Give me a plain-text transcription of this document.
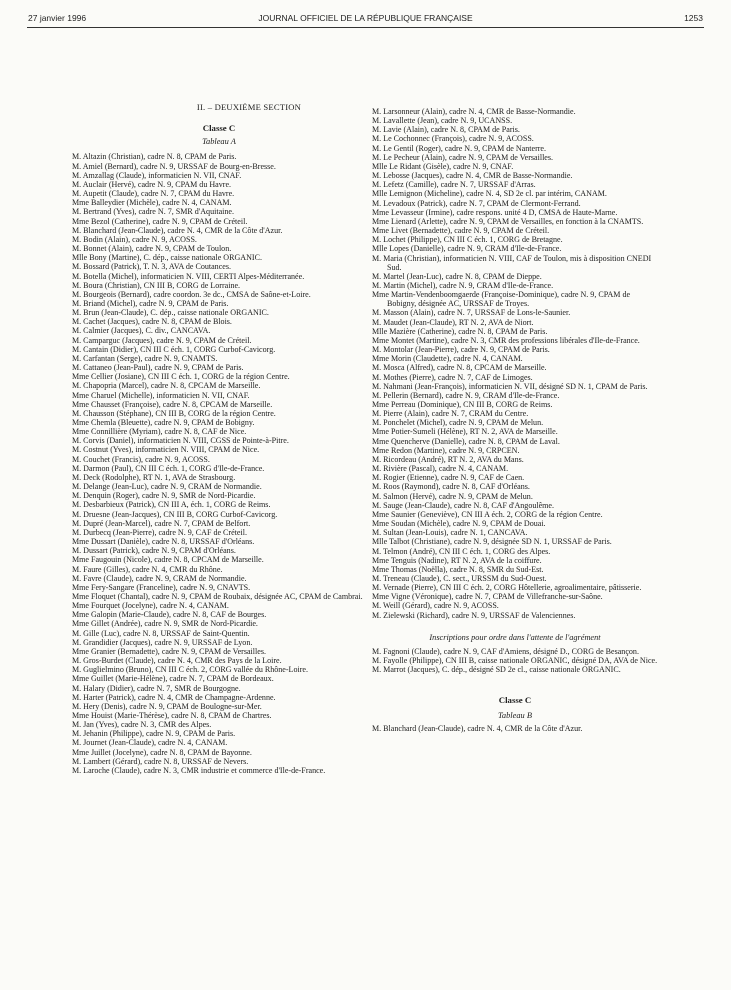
27 janvier 1996	JOURNAL OFFICIEL DE LA RÉPUBLIQUE FRANÇAISE	1253
II. – DEUXIÈME SECTION
Classe C
Tableau A
M. Altazin (Christian), cadre N. 8, CPAM de Paris.
M. Amiel (Bernard), cadre N. 9, URSSAF de Bourg-en-Bresse.
M. Amzallag (Claude), informaticien N. VII, CNAF.
M. Auclair (Hervé), cadre N. 9, CPAM du Havre.
M. Aupetit (Claude), cadre N. 7, CPAM du Havre.
Mme Balleydier (Michèle), cadre N. 4, CANAM.
M. Bertrand (Yves), cadre N. 7, SMR d'Aquitaine.
Mme Bezol (Catherine), cadre N. 9, CPAM de Créteil.
M. Blanchard (Jean-Claude), cadre N. 4, CMR de la Côte d'Azur.
M. Bodin (Alain), cadre N. 9, ACOSS.
M. Bonnet (Alain), cadre N. 9, CPAM de Toulon.
Mlle Bony (Martine), C. dép., caisse nationale ORGANIC.
M. Bossard (Patrick), T. N. 3, AVA de Coutances.
M. Botella (Michel), informaticien N. VIII, CERTI Alpes-Méditerranée.
M. Boura (Christian), CN III B, CORG de Lorraine.
M. Bourgeois (Bernard), cadre coordon. 3e dc., CMSA de Saône-et-Loire.
M. Briand (Michel), cadre N. 9, CPAM de Paris.
M. Brun (Jean-Claude), C. dép., caisse nationale ORGANIC.
M. Cachet (Jacques), cadre N. 8, CPAM de Blois.
M. Calmier (Jacques), C. div., CANCAVA.
M. Camparguc (Jacques), cadre N. 9, CPAM de Créteil.
M. Cantain (Didier), CN III C éch. 1, CORG Curbof-Cavicorg.
M. Carfantan (Serge), cadre N. 9, CNAMTS.
M. Cattaneo (Jean-Paul), cadre N. 9, CPAM de Paris.
Mme Cellier (Josiane), CN III C éch. 1, CORG de la région Centre.
M. Chapopria (Marcel), cadre N. 8, CPCAM de Marseille.
Mme Charuel (Michelle), informaticien N. VII, CNAF.
Mme Chausset (Françoise), cadre N. 8, CPCAM de Marseille.
M. Chausson (Stéphane), CN III B, CORG de la région Centre.
Mme Chemla (Bleuette), cadre N. 9, CPAM de Bobigny.
Mme Connillière (Myriam), cadre N. 8, CAF de Nice.
M. Corvis (Daniel), informaticien N. VIII, CGSS de Pointe-à-Pitre.
M. Costnut (Yves), informaticien N. VIII, CPAM de Nice.
M. Couchet (Francis), cadre N. 9, ACOSS.
M. Darmon (Paul), CN III C éch. 1, CORG d'Ile-de-France.
M. Deck (Rodolphe), RT N. 1, AVA de Strasbourg.
M. Delange (Jean-Luc), cadre N. 9, CRAM de Normandie.
M. Denquin (Roger), cadre N. 9, SMR de Nord-Picardie.
M. Desbarbieux (Patrick), CN III A, éch. 1, CORG de Reims.
M. Druesne (Jean-Jacques), CN III B, CORG Curbof-Cavicorg.
M. Dupré (Jean-Marcel), cadre N. 7, CPAM de Belfort.
M. Durbecq (Jean-Pierre), cadre N. 9, CAF de Créteil.
Mme Dussart (Danièle), cadre N. 8, URSSAF d'Orléans.
M. Dussart (Patrick), cadre N. 9, CPAM d'Orléans.
Mme Faugouin (Nicole), cadre N. 8, CPCAM de Marseille.
M. Faure (Gilles), cadre N. 4, CMR du Rhône.
M. Favre (Claude), cadre N. 9, CRAM de Normandie.
Mme Fery-Sangare (Franceline), cadre N. 9, CNAVTS.
Mme Floquet (Chantal), cadre N. 9, CPAM de Roubaix, désignée AC, CPAM de Cambrai.
Mme Fourquet (Jocelyne), cadre N. 4, CANAM.
Mme Galopin (Marie-Claude), cadre N. 8, CAF de Bourges.
Mme Gillet (Andrée), cadre N. 9, SMR de Nord-Picardie.
M. Gille (Luc), cadre N. 8, URSSAF de Saint-Quentin.
M. Grandidier (Jacques), cadre N. 9, URSSAF de Lyon.
Mme Granier (Bernadette), cadre N. 9, CPAM de Versailles.
M. Gros-Burdet (Claude), cadre N. 4, CMR des Pays de la Loire.
M. Guglielmino (Bruno), CN III C éch. 2, CORG vallée du Rhône-Loire.
Mme Guillet (Marie-Hélène), cadre N. 7, CPAM de Bordeaux.
M. Halary (Didier), cadre N. 7, SMR de Bourgogne.
M. Harter (Patrick), cadre N. 4, CMR de Champagne-Ardenne.
M. Hery (Denis), cadre N. 9, CPAM de Boulogne-sur-Mer.
Mme Houist (Marie-Thérèse), cadre N. 8, CPAM de Chartres.
M. Jan (Yves), cadre N. 3, CMR des Alpes.
M. Jehanin (Philippe), cadre N. 9, CPAM de Paris.
M. Journet (Jean-Claude), cadre N. 4, CANAM.
Mme Juillet (Jocelyne), cadre N. 8, CPAM de Bayonne.
M. Lambert (Gérard), cadre N. 8, URSSAF de Nevers.
M. Laroche (Claude), cadre N. 3, CMR industrie et commerce d'Ile-de-France.
M. Larsonneur (Alain), cadre N. 4, CMR de Basse-Normandie.
M. Lavallette (Jean), cadre N. 9, UCANSS.
M. Lavie (Alain), cadre N. 8, CPAM de Paris.
M. Le Cochonnec (François), cadre N. 9, ACOSS.
M. Le Gentil (Roger), cadre N. 9, CPAM de Nanterre.
M. Le Pecheur (Alain), cadre N. 9, CPAM de Versailles.
Mlle Le Ridant (Gisèle), cadre N. 9, CNAF.
M. Lebosse (Jacques), cadre N. 4, CMR de Basse-Normandie.
M. Lefetz (Camille), cadre N. 7, URSSAF d'Arras.
Mlle Lemignon (Micheline), cadre N. 4, SD 2e cl. par intérim, CANAM.
M. Levadoux (Patrick), cadre N. 7, CPAM de Clermont-Ferrand.
Mme Levasseur (Irmine), cadre respons. unité 4 D, CMSA de Haute-Marne.
Mme Lienard (Arlette), cadre N. 9, CPAM de Versailles, en fonction à la CNAMTS.
Mme Livet (Bernadette), cadre N. 9, CPAM de Créteil.
M. Lochet (Philippe), CN III C éch. 1, CORG de Bretagne.
Mlle Lopes (Danielle), cadre N. 9, CRAM d'Ile-de-France.
M. Maria (Christian), informaticien N. VIII, CAF de Toulon, mis à disposition CNEDI Sud.
M. Martel (Jean-Luc), cadre N. 8, CPAM de Dieppe.
M. Martin (Michel), cadre N. 9, CRAM d'Ile-de-France.
Mme Martin-Vendenboomgaerde (Françoise-Dominique), cadre N. 9, CPAM de Bobigny, désignée AC, URSSAF de Troyes.
M. Masson (Alain), cadre N. 7, URSSAF de Lons-le-Saunier.
M. Maudet (Jean-Claude), RT N. 2, AVA de Niort.
Mlle Mazière (Catherine), cadre N. 8, CPAM de Paris.
Mme Montet (Martine), cadre N. 3, CMR des professions libérales d'Ile-de-France.
M. Montolar (Jean-Pierre), cadre N. 9, CPAM de Paris.
Mme Morin (Claudette), cadre N. 4, CANAM.
M. Mosca (Alfred), cadre N. 8, CPCAM de Marseille.
M. Mothes (Pierre), cadre N. 7, CAF de Limoges.
M. Nahmani (Jean-François), informaticien N. VII, désigné SD N. 1, CPAM de Paris.
M. Pellerin (Bernard), cadre N. 9, CRAM d'Ile-de-France.
Mme Perreau (Dominique), CN III B, CORG de Reims.
M. Pierre (Alain), cadre N. 7, CRAM du Centre.
M. Ponchelet (Michel), cadre N. 9, CPAM de Melun.
Mme Potier-Sumeli (Hélène), RT N. 2, AVA de Marseille.
Mme Quencherve (Danielle), cadre N. 8, CPAM de Laval.
Mme Redon (Martine), cadre N. 9, CRPCEN.
M. Ricordeau (André), RT N. 2, AVA du Mans.
M. Rivière (Pascal), cadre N. 4, CANAM.
M. Rogier (Etienne), cadre N. 9, CAF de Caen.
M. Roos (Raymond), cadre N. 8, CAF d'Orléans.
M. Salmon (Hervé), cadre N. 9, CPAM de Melun.
M. Sauge (Jean-Claude), cadre N. 8, CAF d'Angoulême.
Mme Saunier (Geneviève), CN III A éch. 2, CORG de la région Centre.
Mme Soudan (Michèle), cadre N. 9, CPAM de Douai.
M. Sultan (Jean-Louis), cadre N. 1, CANCAVA.
Mlle Talbot (Christiane), cadre N. 9, désignée SD N. 1, URSSAF de Paris.
M. Telmon (André), CN III C éch. 1, CORG des Alpes.
Mme Tenguis (Nadine), RT N. 2, AVA de la coiffure.
Mme Thomas (Noëlla), cadre N. 8, SMR du Sud-Est.
M. Treneau (Claude), C. sect., URSSM du Sud-Ouest.
M. Vernade (Pierre), CN III C éch. 2, CORG Hôtellerie, agroalimentaire, pâtisserie.
Mme Vigne (Véronique), cadre N. 7, CPAM de Villefranche-sur-Saône.
M. Weill (Gérard), cadre N. 9, ACOSS.
M. Zielewski (Richard), cadre N. 9, URSSAF de Valenciennes.
Inscriptions pour ordre dans l'attente de l'agrément
M. Fagnoni (Claude), cadre N. 9, CAF d'Amiens, désigné D., CORG de Besançon.
M. Fayolle (Philippe), CN III B, caisse nationale ORGANIC, désigné DA, AVA de Nice.
M. Marrot (Jacques), C. dép., désigné SD 2e cl., caisse nationale ORGANIC.
Classe C
Tableau B
M. Blanchard (Jean-Claude), cadre N. 4, CMR de la Côte d'Azur.
